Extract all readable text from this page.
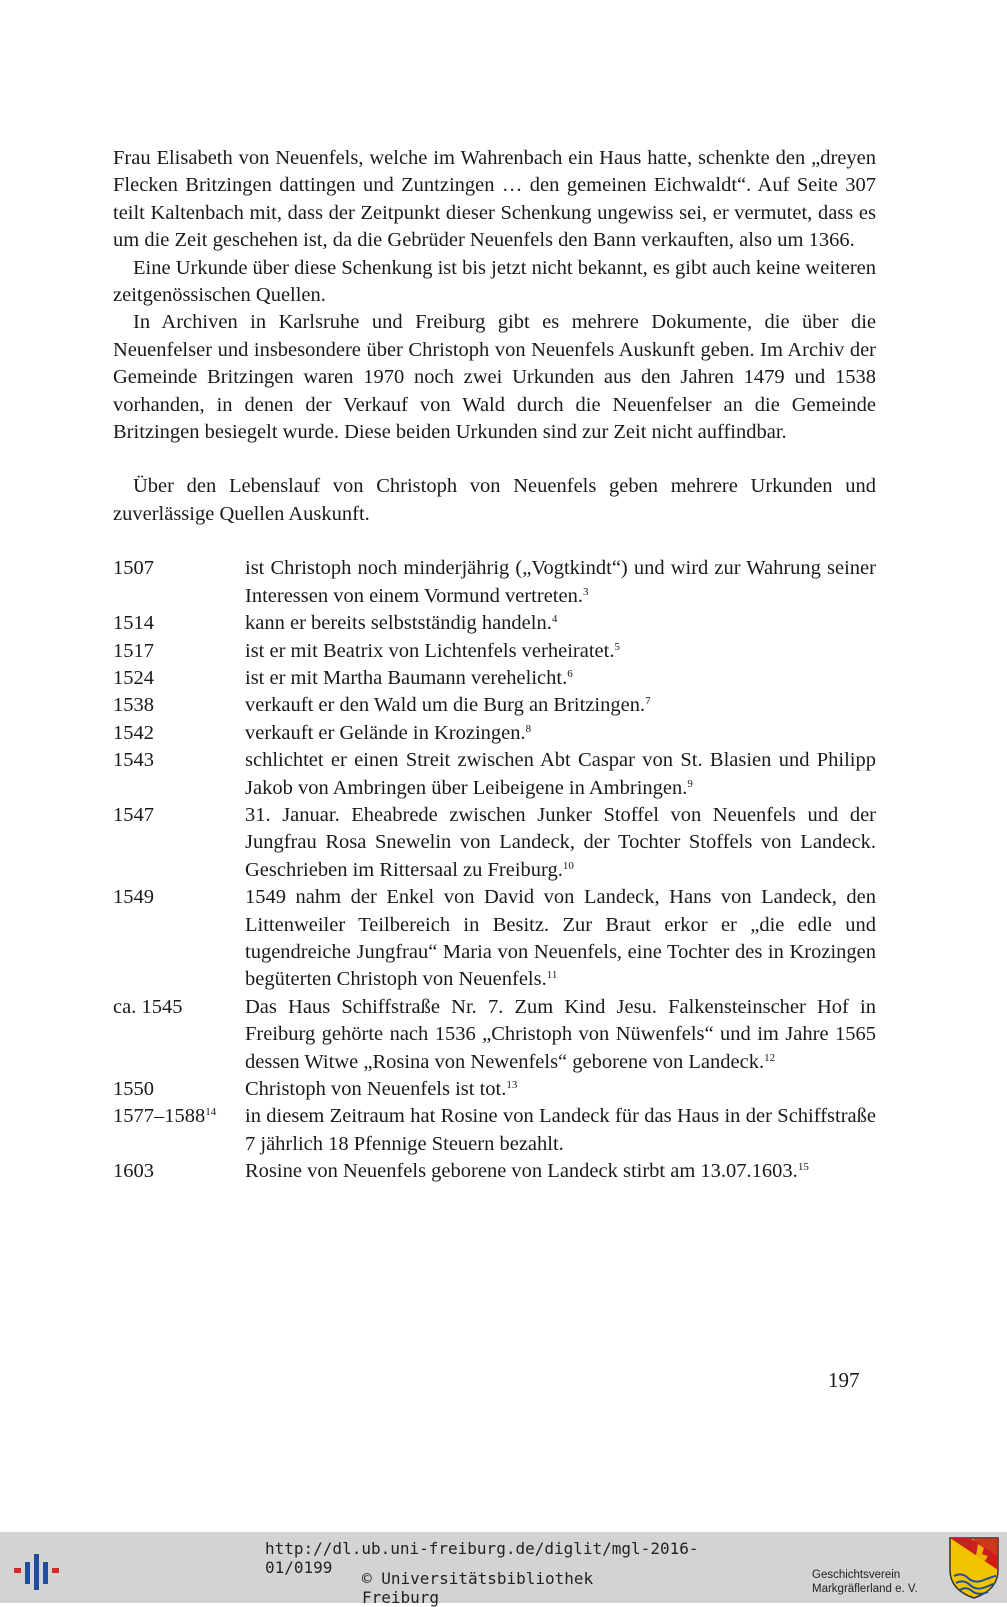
Frau Elisabeth von Neuenfels, welche im Wahrenbach ein Haus hatte, schenkte den „dreyen Flecken Britzingen dattingen und Zuntzingen … den gemeinen Eichwaldt“. Auf Seite 307 teilt Kaltenbach mit, dass der Zeitpunkt dieser Schenkung ungewiss sei, er vermutet, dass es um die Zeit geschehen ist, da die Gebrüder Neuenfels den Bann verkauften, also um 1366.

Eine Urkunde über diese Schenkung ist bis jetzt nicht bekannt, es gibt auch keine weiteren zeitgenössischen Quellen.

In Archiven in Karlsruhe und Freiburg gibt es mehrere Dokumente, die über die Neuenfelser und insbesondere über Christoph von Neuenfels Auskunft geben. Im Archiv der Gemeinde Britzingen waren 1970 noch zwei Urkunden aus den Jahren 1479 und 1538 vorhanden, in denen der Verkauf von Wald durch die Neuenfelser an die Gemeinde Britzingen besiegelt wurde. Diese beiden Urkunden sind zur Zeit nicht auffindbar.

Über den Lebenslauf von Christoph von Neuenfels geben mehrere Urkunden und zuverlässige Quellen Auskunft.

1507	ist Christoph noch minderjährig („Vogtkindt“) und wird zur Wahrung seiner Interessen von einem Vormund vertreten.$^3$
1514	kann er bereits selbstständig handeln.$^4$
1517	ist er mit Beatrix von Lichtenfels verheiratet.$^5$
1524	ist er mit Martha Baumann verehelicht.$^6$
1538	verkauft er den Wald um die Burg an Britzingen.$^7$
1542	verkauft er Gelände in Krozingen.$^8$
1543	schlichtet er einen Streit zwischen Abt Caspar von St. Blasien und Philipp Jakob von Ambringen über Leibeigene in Ambringen.$^9$
1547	31. Januar. Eheabrede zwischen Junker Stoffel von Neuenfels und der Jungfrau Rosa Snewelin von Landeck, der Tochter Stoffels von Landeck. Geschrieben im Rittersaal zu Freiburg.$^{10}$
1549	1549 nahm der Enkel von David von Landeck, Hans von Landeck, den Littenweiler Teilbereich in Besitz. Zur Braut erkor er „die edle und tugendreiche Jungfrau“ Maria von Neuenfels, eine Tochter des in Krozingen begüterten Christoph von Neuenfels.$^{11}$
ca. 1545	Das Haus Schiffstraße Nr. 7. Zum Kind Jesu. Falkensteinscher Hof in Freiburg gehörte nach 1536 „Christoph von Nüwenfels“ und im Jahre 1565 dessen Witwe „Rosina von Newenfels“ geborene von Landeck.$^{12}$
1550	Christoph von Neuenfels ist tot.$^{13}$
1577–1588$^{14}$	in diesem Zeitraum hat Rosine von Landeck für das Haus in der Schiffstraße 7 jährlich 18 Pfennige Steuern bezahlt.
1603	Rosine von Neuenfels geborene von Landeck stirbt am 13.07.1603.15
197
http://dl.ub.uni-freiburg.de/diglit/mgl-2016-01/0199
© Universitätsbibliothek Freiburg
Geschichtsverein
Markgräflerland e. V.
